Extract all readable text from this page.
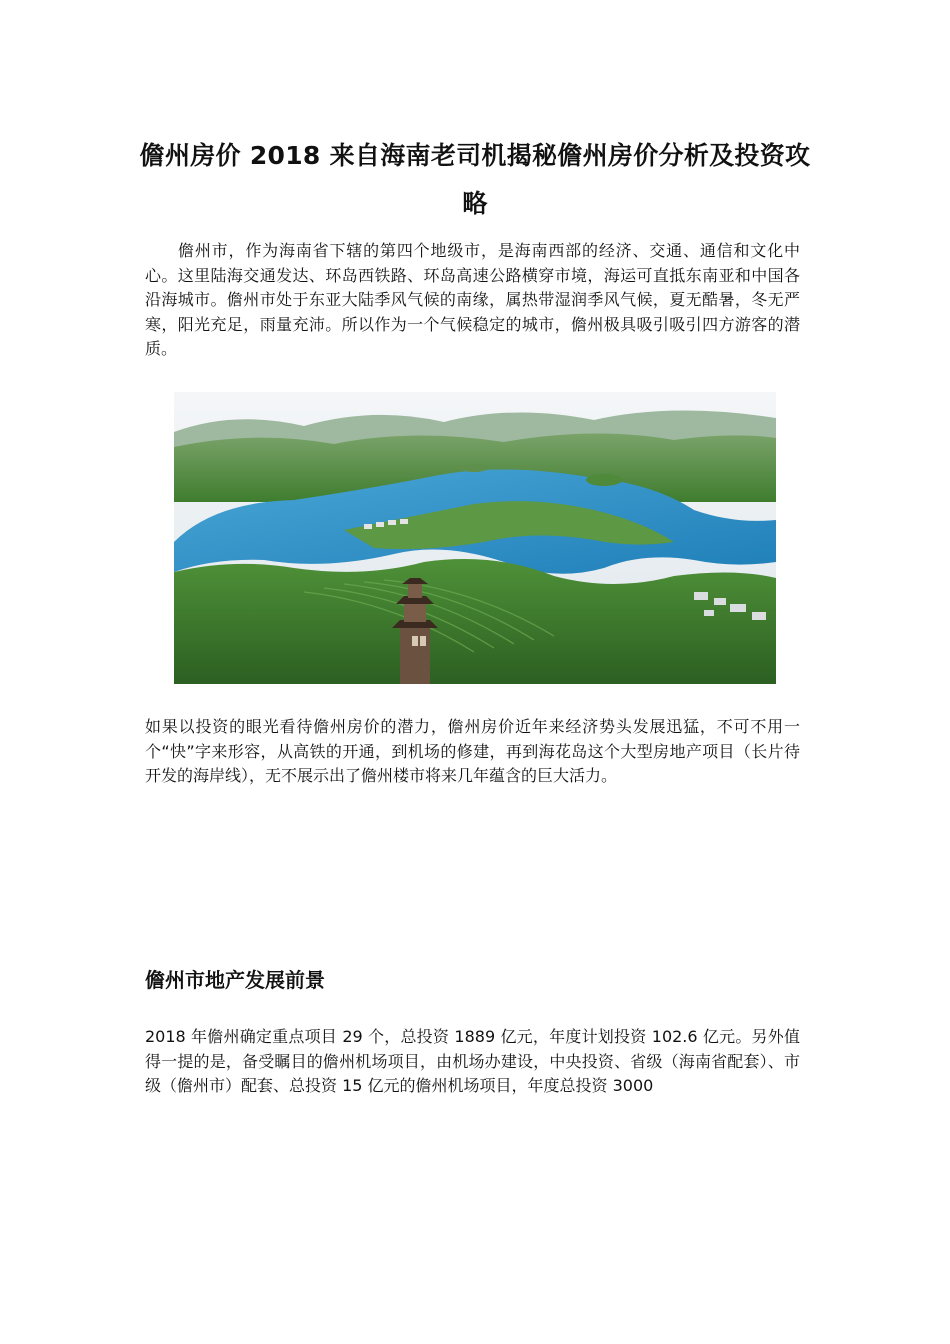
儋州房价 2018 来自海南老司机揭秘儋州房价分析及投资攻略

儋州市，作为海南省下辖的第四个地级市，是海南西部的经济、交通、通信和文化中心。这里陆海交通发达、环岛西铁路、环岛高速公路横穿市境，海运可直抵东南亚和中国各沿海城市。儋州市处于东亚大陆季风气候的南缘，属热带湿润季风气候，夏无酷暑，冬无严寒，阳光充足，雨量充沛。所以作为一个气候稳定的城市，儋州极具吸引吸引四方游客的潜质。

如果以投资的眼光看待儋州房价的潜力，儋州房价近年来经济势头发展迅猛，不可不用一个“快”字来形容，从高铁的开通，到机场的修建，再到海花岛这个大型房地产项目（长片待开发的海岸线），无不展示出了儋州楼市将来几年蕴含的巨大活力。

儋州市地产发展前景

2018 年儋州确定重点项目 29 个，总投资 1889 亿元，年度计划投资 102.6 亿元。另外值得一提的是，备受瞩目的儋州机场项目，由机场办建设，中央投资、省级（海南省配套）、市级（儋州市）配套、总投资 15 亿元的儋州机场项目，年度总投资 3000
